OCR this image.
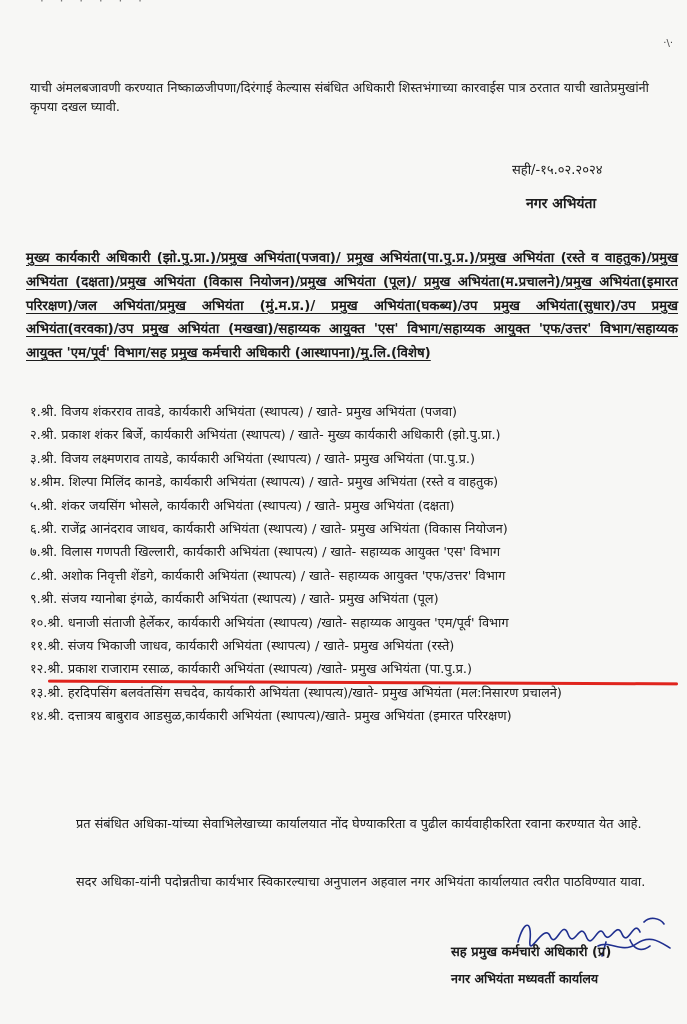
· · · · · ·
·\·
याची अंमलबजावणी करण्यात निष्काळजीपणा/दिरंगाई केल्यास संबंधित अधिकारी शिस्तभंगाच्या कारवाईस पात्र ठरतात याची खातेप्रमुखांनी कृपया दखल घ्यावी.
सही/-१५.०२.२०२४
नगर अभियंता
मुख्य कार्यकारी अधिकारी (झो.पु.प्रा.)/प्रमुख अभियंता(पजवा)/ प्रमुख अभियंता(पा.पु.प्र.)/प्रमुख अभियंता (रस्ते व वाहतुक)/प्रमुख अभियंता (दक्षता)/प्रमुख अभियंता (विकास नियोजन)/प्रमुख अभियंता (पूल)/ प्रमुख अभियंता(म.प्रचालने)/प्रमुख अभियंता(इमारत परिरक्षण)/जल अभियंता/प्रमुख अभियंता (मुं.म.प्र.)/ प्रमुख अभियंता(घकब्य)/उप प्रमुख अभियंता(सुधार)/उप प्रमुख अभियंता(वरवका)/उप प्रमुख अभियंता (मखखा)/सहाय्यक आयुक्त 'एस' विभाग/सहाय्यक आयुक्त 'एफ/उत्तर' विभाग/सहाय्यक आयुक्त 'एम/पूर्व' विभाग/सह प्रमुख कर्मचारी अधिकारी (आस्थापना)/मु.लि.(विशेष)
१.श्री. विजय शंकरराव तावडे, कार्यकारी अभियंता (स्थापत्य) / खाते- प्रमुख अभियंता (पजवा)
२.श्री. प्रकाश शंकर बिर्जे, कार्यकारी अभियंता (स्थापत्य) / खाते- मुख्य कार्यकारी अधिकारी (झो.पु.प्रा.)
३.श्री. विजय लक्ष्मणराव तायडे, कार्यकारी अभियंता (स्थापत्य) / खाते- प्रमुख अभियंता (पा.पु.प्र.)
४.श्रीम. शिल्पा मिलिंद कानडे, कार्यकारी अभियंता (स्थापत्य) / खाते- प्रमुख अभियंता (रस्ते व वाहतुक)
५.श्री. शंकर जयसिंग भोसले, कार्यकारी अभियंता (स्थापत्य) / खाते- प्रमुख अभियंता (दक्षता)
६.श्री. राजेंद्र आनंदराव जाधव, कार्यकारी अभियंता (स्थापत्य) / खाते- प्रमुख अभियंता (विकास नियोजन)
७.श्री. विलास गणपती खिल्लारी, कार्यकारी अभियंता (स्थापत्य) / खाते- सहाय्यक आयुक्त 'एस' विभाग
८.श्री. अशोक निवृत्ती शेंडगे, कार्यकारी अभियंता (स्थापत्य) / खाते- सहाय्यक आयुक्त 'एफ/उत्तर' विभाग
९.श्री. संजय ग्यानोबा इंगळे, कार्यकारी अभियंता (स्थापत्य) / खाते- प्रमुख अभियंता (पूल)
१०.श्री. धनाजी संताजी हेर्लेकर, कार्यकारी अभियंता (स्थापत्य) /खाते- सहाय्यक आयुक्त 'एम/पूर्व' विभाग
११.श्री. संजय भिकाजी जाधव, कार्यकारी अभियंता (स्थापत्य) / खाते- प्रमुख अभियंता (रस्ते)
१२.श्री. प्रकाश राजाराम रसाळ, कार्यकारी अभियंता (स्थापत्य) /खाते- प्रमुख अभियंता (पा.पु.प्र.)
१३.श्री. हरदिपसिंग बलवंतसिंग सचदेव, कार्यकारी अभियंता (स्थापत्य)/खाते- प्रमुख अभियंता (मल:निसारण प्रचालने)
१४.श्री. दत्तात्रय बाबुराव आडसुळ,कार्यकारी अभियंता (स्थापत्य)/खाते- प्रमुख अभियंता (इमारत परिरक्षण)
प्रत संबंधित अधिका-यांच्या सेवाभिलेखाच्या कार्यालयात नोंद घेण्याकरिता व पुढील कार्यवाहीकरिता रवाना करण्यात येत आहे.
सदर अधिका-यांनी पदोन्नतीचा कार्यभार स्विकारल्याचा अनुपालन अहवाल नगर अभियंता कार्यालयात त्वरीत पाठविण्यात यावा.
सह प्रमुख कर्मचारी अधिकारी (प्र)
नगर अभियंता मध्यवर्ती कार्यालय
